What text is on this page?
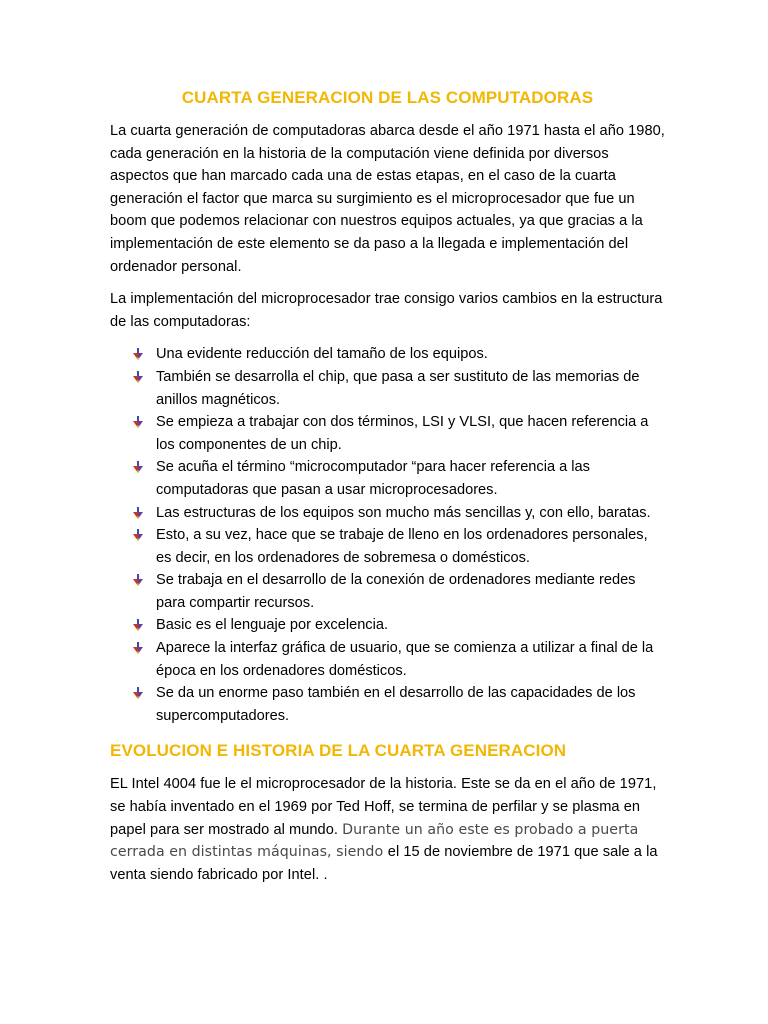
CUARTA GENERACION DE LAS COMPUTADORAS

La cuarta generación de computadoras abarca desde el año 1971 hasta el año 1980, cada generación en la historia de la computación viene definida por diversos aspectos que han marcado cada una de estas etapas, en el caso de la cuarta generación el factor que marca su surgimiento es el microprocesador que fue un boom que podemos relacionar con nuestros equipos actuales, ya que gracias a la implementación de este elemento se da paso a la llegada e implementación del ordenador personal.

La implementación del microprocesador trae consigo varios cambios en la estructura de las computadoras:

Una evidente reducción del tamaño de los equipos.
También se desarrolla el chip, que pasa a ser sustituto de las memorias de anillos magnéticos.
Se empieza a trabajar con dos términos, LSI y VLSI, que hacen referencia a los componentes de un chip.
Se acuña el término “microcomputador “para hacer referencia a las computadoras que pasan a usar microprocesadores.
Las estructuras de los equipos son mucho más sencillas y, con ello, baratas.
Esto, a su vez, hace que se trabaje de lleno en los ordenadores personales, es decir, en los ordenadores de sobremesa o domésticos.
Se trabaja en el desarrollo de la conexión de ordenadores mediante redes para compartir recursos.
Basic es el lenguaje por excelencia.
Aparece la interfaz gráfica de usuario, que se comienza a utilizar a final de la época en los ordenadores domésticos.
Se da un enorme paso también en el desarrollo de las capacidades de los supercomputadores.
EVOLUCION E HISTORIA DE LA CUARTA GENERACION

EL Intel 4004 fue le el microprocesador de la historia. Este se da en el año de 1971, se había inventado en el 1969 por Ted Hoff, se termina de perfilar y se plasma en papel para ser mostrado al mundo. Durante un año este es probado a puerta cerrada en distintas máquinas, siendo el 15 de noviembre de 1971 que sale a la venta siendo fabricado por Intel. .
